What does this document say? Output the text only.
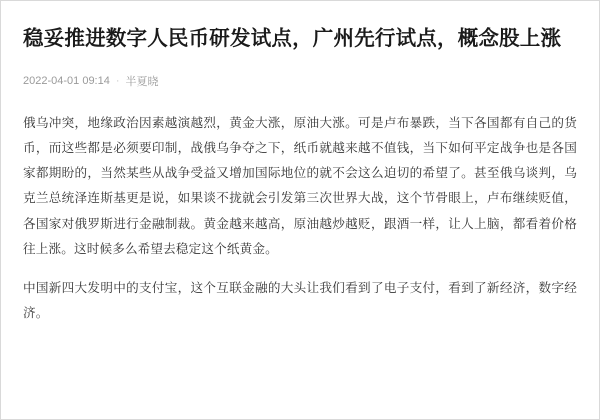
稳妥推进数字人民币研发试点，广州先行试点，概念股上涨
2022-04-01 09:14 · 半夏晓

俄乌冲突，地缘政治因素越演越烈，黄金大涨，原油大涨。可是卢布暴跌，当下各国都有自己的货币，而这些都是必须要印制，战俄乌争夺之下，纸币就越来越不值钱，当下如何平定战争也是各国家都期盼的，当然某些从战争受益又增加国际地位的就不会这么迫切的希望了。甚至俄乌谈判，乌克兰总统泽连斯基更是说，如果谈不拢就会引发第三次世界大战，这个节骨眼上，卢布继续贬值，各国家对俄罗斯进行金融制裁。黄金越来越高，原油越炒越贬，跟酒一样，让人上脑，都看着价格往上涨。这时候多么希望去稳定这个纸黄金。

中国新四大发明中的支付宝，这个互联金融的大头让我们看到了电子支付，看到了新经济，数字经济。
